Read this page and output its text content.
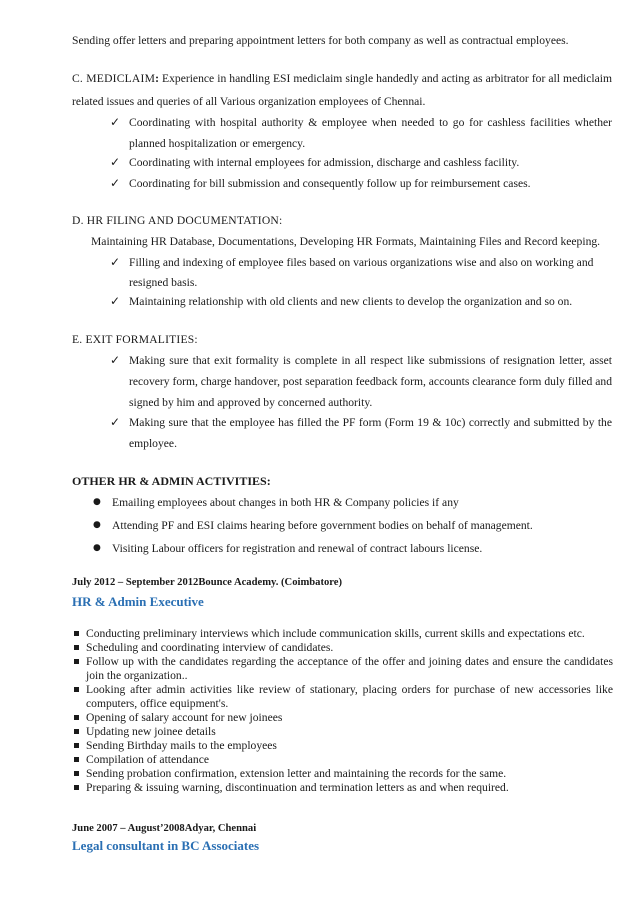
Sending offer letters and preparing appointment letters for both company as well as contractual employees.
C. MEDICLAIM: Experience in handling ESI mediclaim single handedly and acting as arbitrator for all mediclaim
related issues and queries of all Various organization employees of Chennai.
✓ Coordinating with hospital authority & employee when needed to go for cashless facilities whether
planned hospitalization or emergency.
✓ Coordinating with internal employees for admission, discharge and cashless facility.
✓ Coordinating for bill submission and consequently follow up for reimbursement cases.
D. HR FILING AND DOCUMENTATION:
Maintaining HR Database, Documentations, Developing HR Formats, Maintaining Files and Record keeping.
✓ Filling and indexing of employee files based on various organizations wise and also on working and
resigned basis.
✓ Maintaining relationship with old clients and new clients to develop the organization and so on.
E. EXIT FORMALITIES:
✓ Making sure that exit formality is complete in all respect like submissions of resignation letter, asset
recovery form, charge handover, post separation feedback form, accounts clearance form duly filled and
signed by him and approved by concerned authority.
✓ Making sure that the employee has filled the PF form (Form 19 & 10c) correctly and submitted by the
employee.
OTHER HR & ADMIN ACTIVITIES:
● Emailing employees about changes in both HR & Company policies if any
● Attending PF and ESI claims hearing before government bodies on behalf of management.
● Visiting Labour officers for registration and renewal of contract labours license.
July 2012 – September 2012Bounce Academy. (Coimbatore)
HR & Admin Executive
Conducting preliminary interviews which include communication skills, current skills and expectations etc.
Scheduling and coordinating interview of candidates.
Follow up with the candidates regarding the acceptance of the offer and joining dates and ensure the candidates
join the organization..
Looking after admin activities like review of stationary, placing orders for purchase of new accessories like
computers, office equipment's.
Opening of salary account for new joinees
Updating new joinee details
Sending Birthday mails to the employees
Compilation of attendance
Sending probation confirmation, extension letter and maintaining the records for the same.
Preparing & issuing warning, discontinuation and termination letters as and when required.
June 2007 – August’2008Adyar, Chennai
Legal consultant in BC Associates
